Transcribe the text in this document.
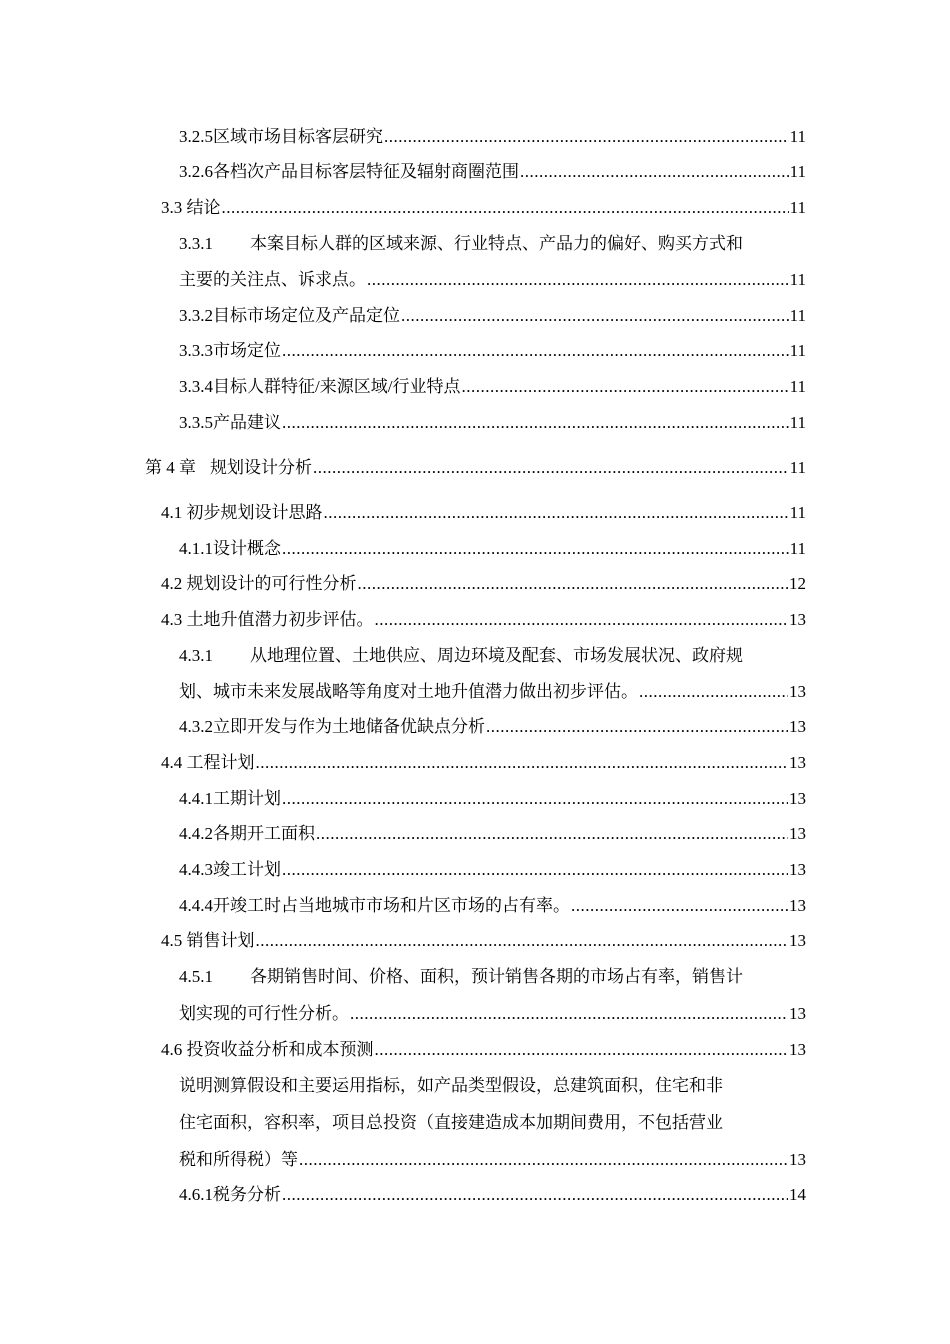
3.2.5 区域市场目标客层研究 .....	11
3.2.6 各档次产品目标客层特征及辐射商圈范围 .....	11
3.3 结论 .....	11
3.3.1	本案目标人群的区域来源、行业特点、产品力的偏好、购买方式和
主要的关注点、诉求点。 .....	11
3.3.2 目标市场定位及产品定位 .....	11
3.3.3 市场定位 .....	11
3.3.4 目标人群特征/来源区域/行业特点 .....	11
3.3.5 产品建议 .....	11
第 4 章 规划设计分析 .....	11
4.1 初步规划设计思路 .....	11
4.1.1 设计概念 .....	11
4.2 规划设计的可行性分析 .....	12
4.3 土地升值潜力初步评估。 .....	13
4.3.1	从地理位置、土地供应、周边环境及配套、市场发展状况、政府规
划、城市未来发展战略等角度对土地升值潜力做出初步评估。 .....	13
4.3.2 立即开发与作为土地储备优缺点分析 .....	13
4.4 工程计划 .....	13
4.4.1 工期计划 .....	13
4.4.2 各期开工面积 .....	13
4.4.3 竣工计划 .....	13
4.4.4 开竣工时占当地城市市场和片区市场的占有率。 .....	13
4.5 销售计划 .....	13
4.5.1	各期销售时间、价格、面积，预计销售各期的市场占有率，销售计
划实现的可行性分析。 .....	13
4.6 投资收益分析和成本预测 .....	13
说明测算假设和主要运用指标，如产品类型假设，总建筑面积，住宅和非
住宅面积，容积率，项目总投资（直接建造成本加期间费用，不包括营业
税和所得税）等 .....	13
4.6.1 税务分析 .....	14
